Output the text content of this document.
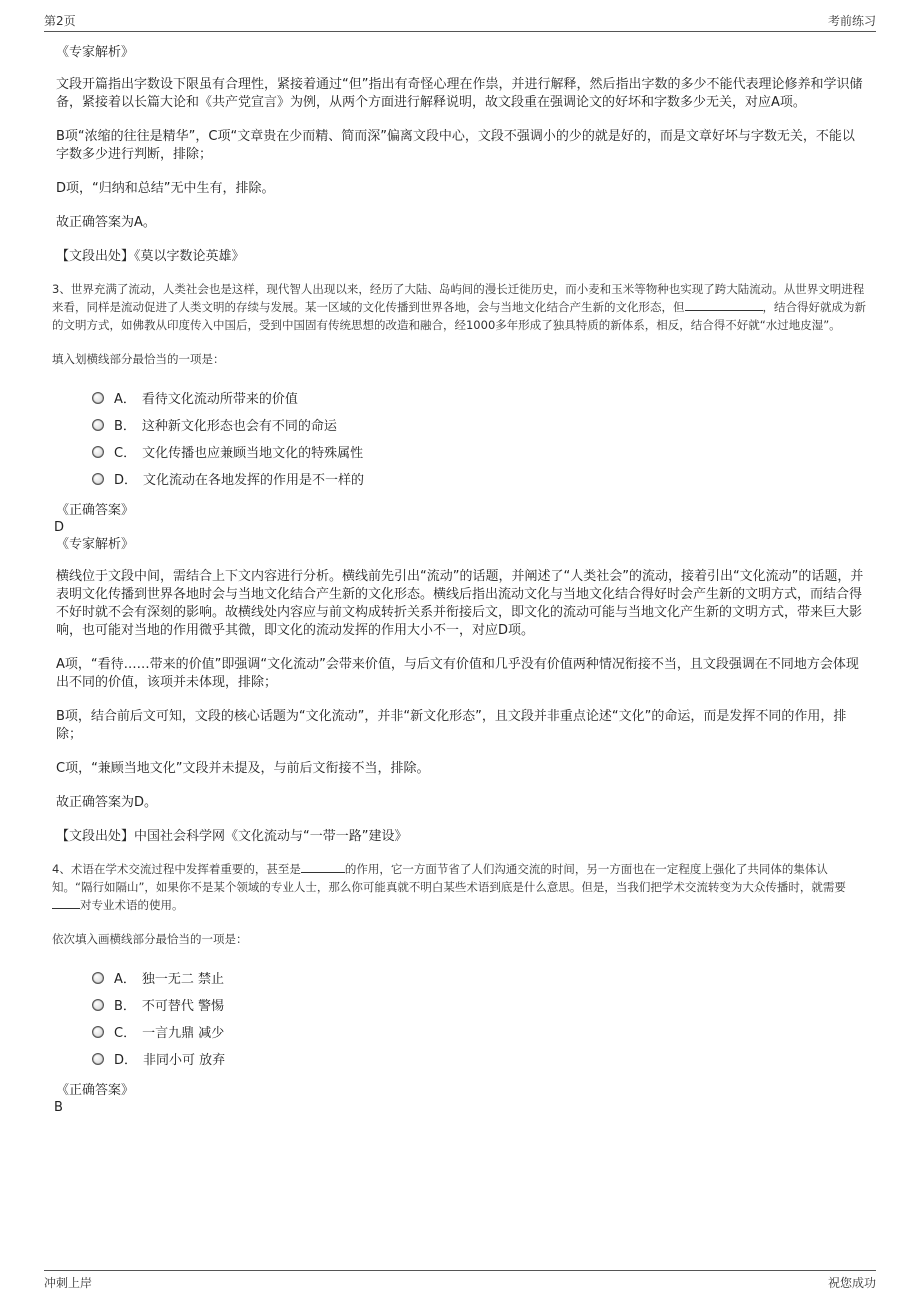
第2页	考前练习
《专家解析》

文段开篇指出字数设下限虽有合理性，紧接着通过“但”指出有奇怪心理在作祟，并进行解释，然后指出字数的多少不能代表理论修养和学识储备，紧接着以长篇大论和《共产党宣言》为例，从两个方面进行解释说明，故文段重在强调论文的好坏和字数多少无关，对应A项。

B项“浓缩的往往是精华”，C项“文章贵在少而精、简而深”偏离文段中心，文段不强调小的少的就是好的，而是文章好坏与字数无关，不能以字数多少进行判断，排除；

D项，“归纳和总结”无中生有，排除。

故正确答案为A。

【文段出处】《莫以字数论英雄》

3、世界充满了流动，人类社会也是这样，现代智人出现以来，经历了大陆、岛屿间的漫长迁徙历史，而小麦和玉米等物种也实现了跨大陆流动。从世界文明进程来看，同样是流动促进了人类文明的存续与发展。某一区域的文化传播到世界各地，会与当地文化结合产生新的文化形态，但	，结合得好就成为新的文明方式，如佛教从印度传入中国后，受到中国固有传统思想的改造和融合，经1000多年形成了独具特质的新体系，相反，结合得不好就“水过地皮湿”。

填入划横线部分最恰当的一项是：

A． 看待文化流动所带来的价值
B． 这种新文化形态也会有不同的命运
C． 文化传播也应兼顾当地文化的特殊属性
D． 文化流动在各地发挥的作用是不一样的
《正确答案》
D
《专家解析》

横线位于文段中间，需结合上下文内容进行分析。横线前先引出“流动”的话题，并阐述了“人类社会”的流动，接着引出“文化流动”的话题，并表明文化传播到世界各地时会与当地文化结合产生新的文化形态。横线后指出流动文化与当地文化结合得好时会产生新的文明方式，而结合得不好时就不会有深刻的影响。故横线处内容应与前文构成转折关系并衔接后文，即文化的流动可能与当地文化产生新的文明方式，带来巨大影响，也可能对当地的作用微乎其微，即文化的流动发挥的作用大小不一，对应D项。

A项，“看待……带来的价值”即强调“文化流动”会带来价值，与后文有价值和几乎没有价值两种情况衔接不当，且文段强调在不同地方会体现出不同的价值，该项并未体现，排除；

B项，结合前后文可知，文段的核心话题为“文化流动”，并非“新文化形态”，且文段并非重点论述“文化”的命运，而是发挥不同的作用，排除；

C项，“兼顾当地文化”文段并未提及，与前后文衔接不当，排除。

故正确答案为D。

【文段出处】中国社会科学网《文化流动与“一带一路”建设》

4、术语在学术交流过程中发挥着重要的，甚至是	的作用，它一方面节省了人们沟通交流的时间，另一方面也在一定程度上强化了共同体的集体认知。“隔行如隔山”，如果你不是某个领域的专业人士，那么你可能真就不明白某些术语到底是什么意思。但是，当我们把学术交流转变为大众传播时，就需要对专业术语的使用。

依次填入画横线部分最恰当的一项是：

A． 独一无二 禁止
B． 不可替代 警惕
C． 一言九鼎 减少
D． 非同小可 放弃
《正确答案》
B
冲刺上岸	祝您成功
